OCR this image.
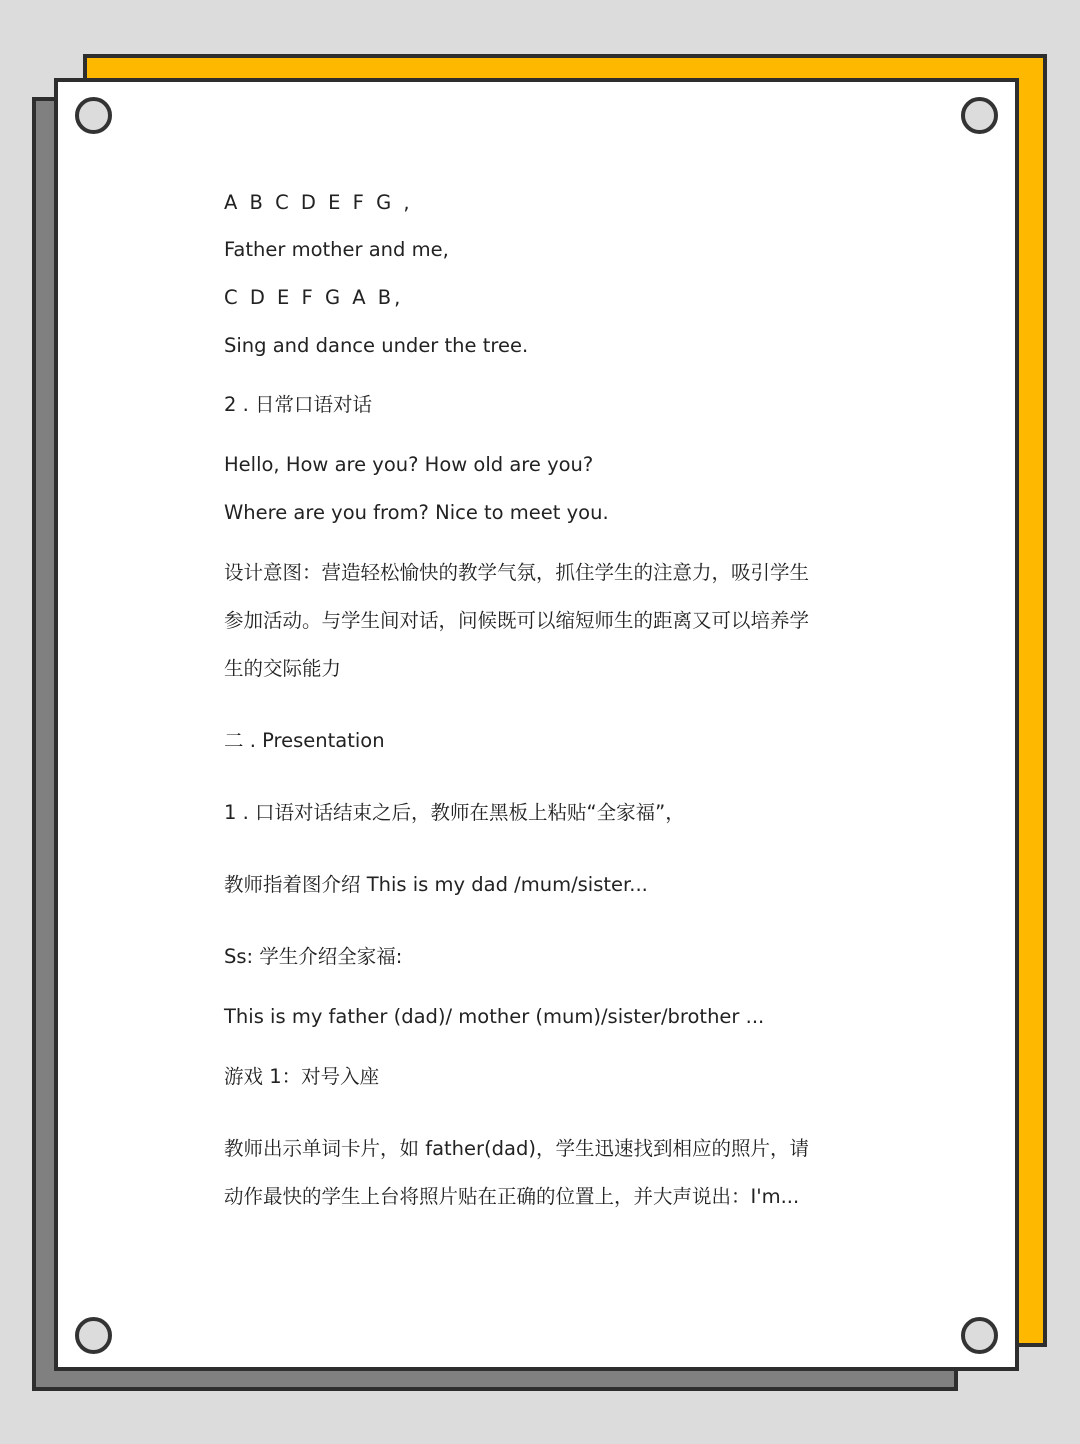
A B C D E F G ,
Father mother and me,
C D E F G A B,
Sing and dance under the tree.
2 . 日常口语对话
Hello, How are you? How old are you?
Where are you from? Nice to meet you.
设计意图：营造轻松愉快的教学气氛，抓住学生的注意力，吸引学生
参加活动。与学生间对话，问候既可以缩短师生的距离又可以培养学
生的交际能力
二 . Presentation
1 . 口语对话结束之后，教师在黑板上粘贴“全家福”，
教师指着图介绍 This is my dad /mum/sister...
Ss: 学生介绍全家福:
This is my father (dad)/ mother (mum)/sister/brother ...
游戏 1：对号入座
教师出示单词卡片，如 father(dad)，学生迅速找到相应的照片，请
动作最快的学生上台将照片贴在正确的位置上，并大声说出：I'm...
